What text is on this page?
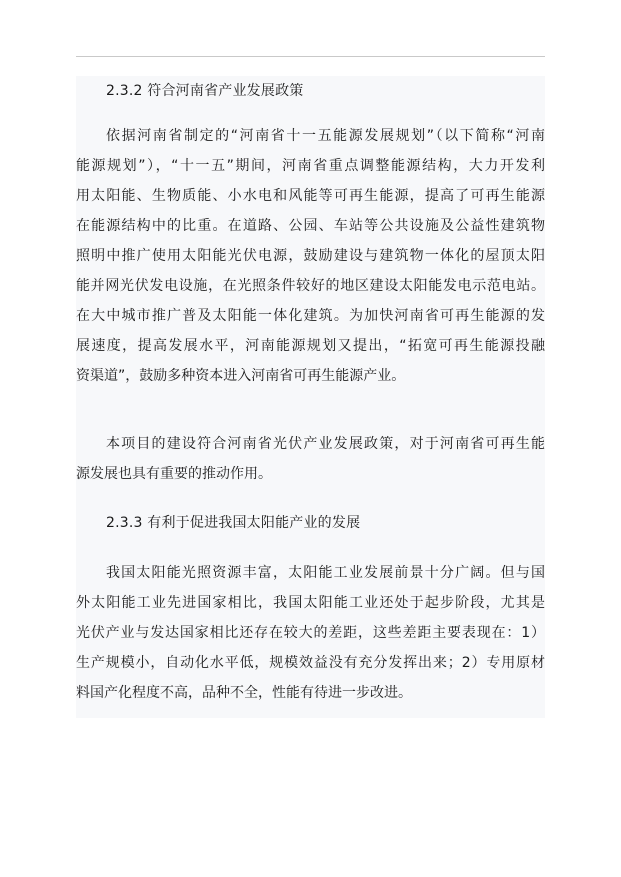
2.3.2 符合河南省产业发展政策
依据河南省制定的“河南省十一五能源发展规划”（以下简称“河南
能源规划”），“十一五”期间，河南省重点调整能源结构，大力开发利
用太阳能、生物质能、小水电和风能等可再生能源，提高了可再生能源
在能源结构中的比重。在道路、公园、车站等公共设施及公益性建筑物
照明中推广使用太阳能光伏电源，鼓励建设与建筑物一体化的屋顶太阳
能并网光伏发电设施，在光照条件较好的地区建设太阳能发电示范电站。
在大中城市推广普及太阳能一体化建筑。为加快河南省可再生能源的发
展速度，提高发展水平，河南能源规划又提出，“拓宽可再生能源投融
资渠道”，鼓励多种资本进入河南省可再生能源产业。
本项目的建设符合河南省光伏产业发展政策，对于河南省可再生能
源发展也具有重要的推动作用。
2.3.3 有利于促进我国太阳能产业的发展
我国太阳能光照资源丰富，太阳能工业发展前景十分广阔。但与国
外太阳能工业先进国家相比，我国太阳能工业还处于起步阶段，尤其是
光伏产业与发达国家相比还存在较大的差距，这些差距主要表现在：1）
生产规模小，自动化水平低，规模效益没有充分发挥出来；2）专用原材
料国产化程度不高，品种不全，性能有待进一步改进。
